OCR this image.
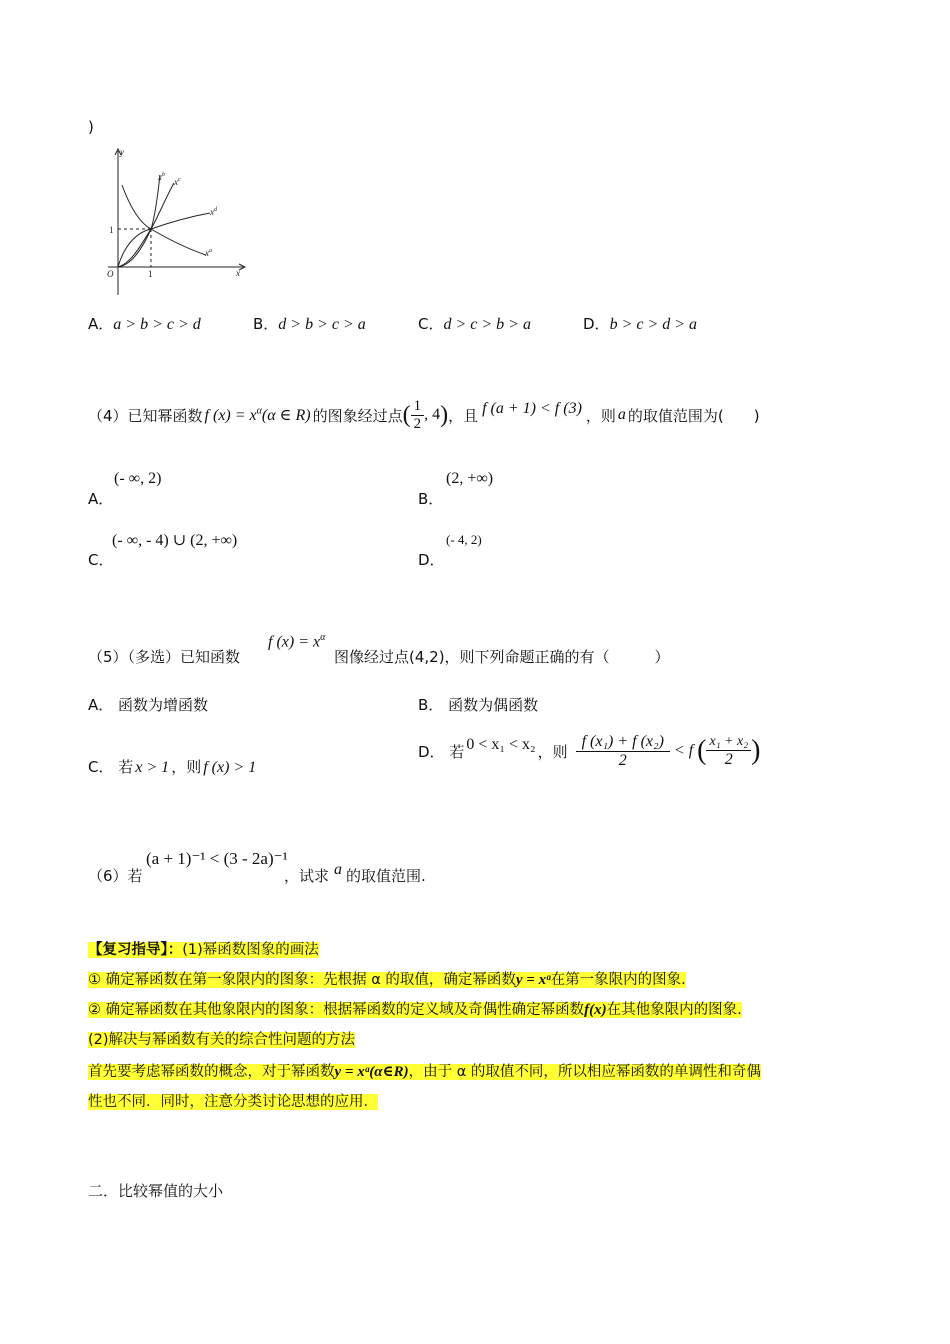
)
y
x
O
$x^b$
$x^c$
$x^d$
$x^a$
1
1
A．a > b > c > d	B．d > b > c > a	C．d > c > b > a	D．b > c > d > a
（4）已知幂函数 f $(x) = x^\alpha(\alpha$ ∈ R) 的图象经过点 ( $\frac{1}{2}$ , 4 ) ，且 f (a + 1) < f (3) ，则 a 的取值范围为(　　)
(- ∞, 2)
A．
(2, +∞)
B．
(- ∞, - 4) ∪ (2, +∞)
C．
(- 4, 2)
D．
（5）（多选）已知函数
f $(x) = x^\alpha$
图像经过点(4,2)，则下列命题正确的有（　　　）
A． 函数为增函数	B． 函数为偶函数
C． 若 x > 1 ，则 f (x) > 1
D．
若 0 < x₁ < x₂ ，则 $\frac{\text{f (x₁) + f (x₂)}}{2} < f$ ( $\frac{\text{x₁ + x₂}}{2}$ )
（6）若
(a + 1)⁻¹ < (3 - 2a)⁻¹
，试求 a 的取值范围.
【复习指导】：(1)幂函数图象的画法
① 确定幂函数在第一象限内的图象：先根据 α 的取值，确定幂函数y = xᵅ在第一象限内的图象.
② 确定幂函数在其他象限内的图象：根据幂函数的定义域及奇偶性确定幂函数f(x)在其他象限内的图象.
(2)解决与幂函数有关的综合性问题的方法
首先要考虑幂函数的概念，对于幂函数y = xᵅ(α∈R)，由于 α 的取值不同，所以相应幂函数的单调性和奇偶
性也不同．同时，注意分类讨论思想的应用．
二．比较幂值的大小
